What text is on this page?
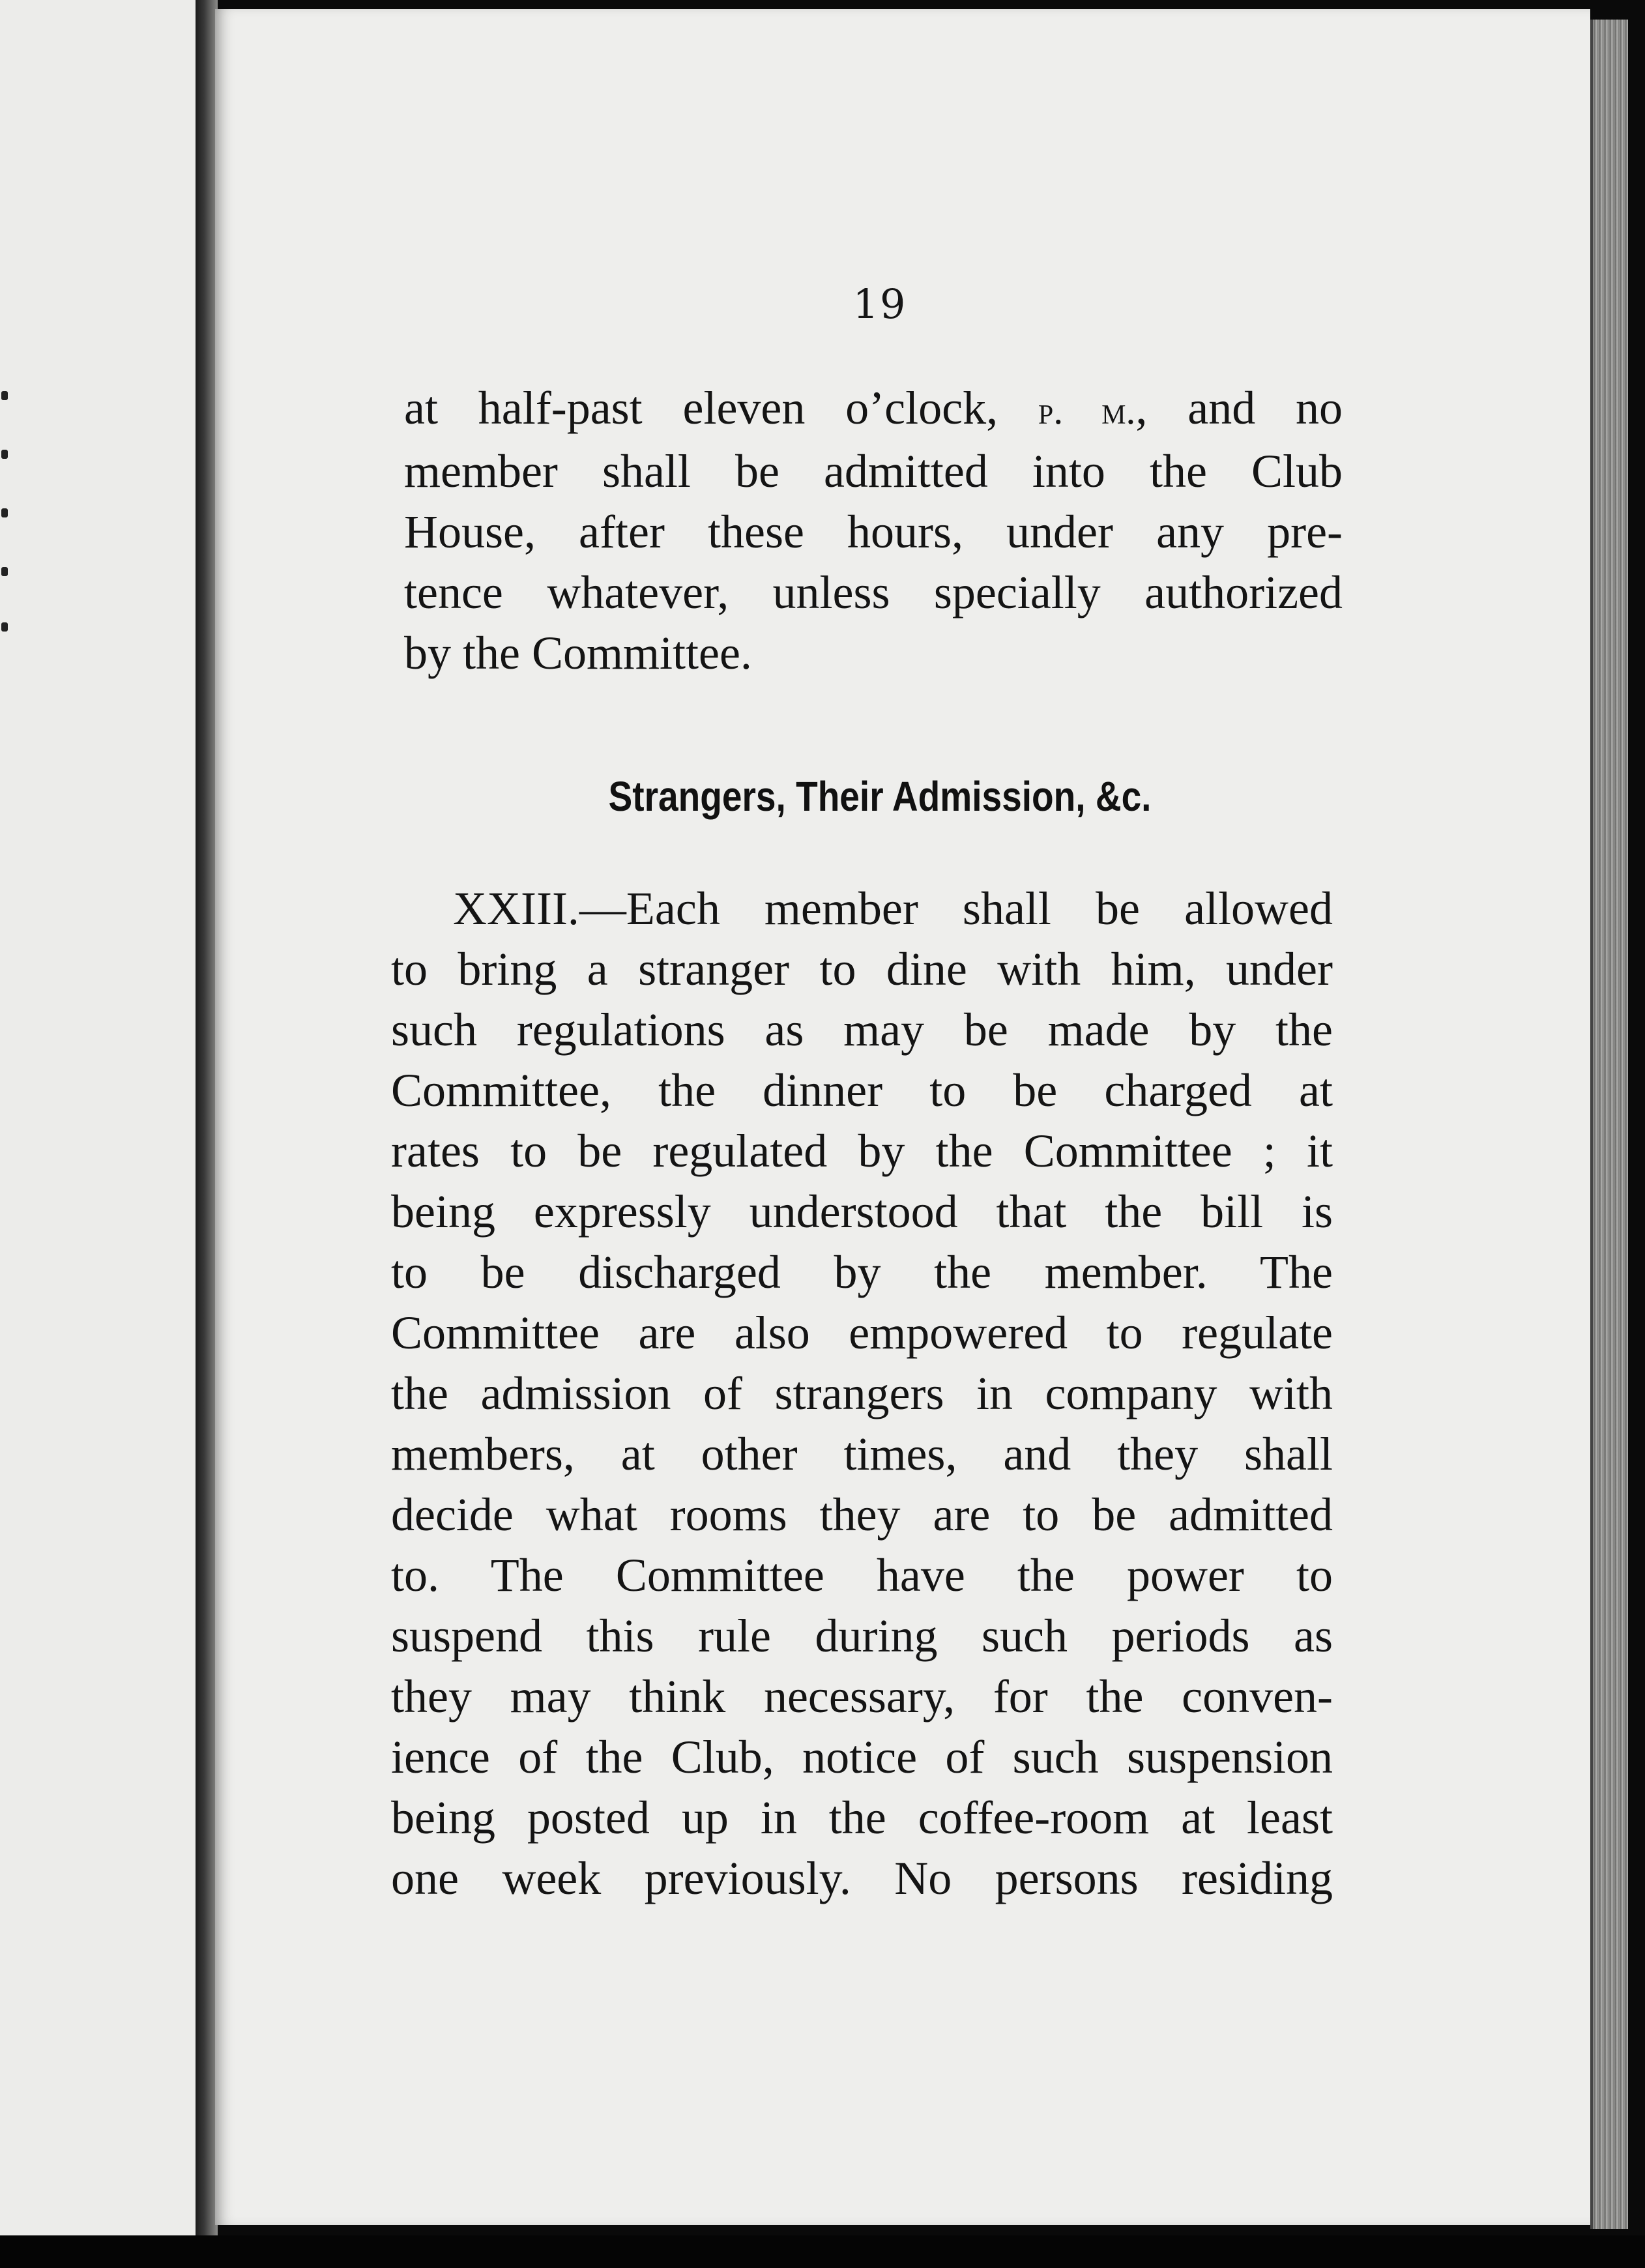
19
at half-past eleven o’clock, p. m., and no
member shall be admitted into the Club
House, after these hours, under any pre-
tence whatever, unless specially authorized
by the Committee.
Strangers, Their Admission, &c.
XXIII.—Each member shall be allowed
to bring a stranger to dine with him, under
such regulations as may be made by the
Committee, the dinner to be charged at
rates to be regulated by the Committee ; it
being expressly understood that the bill is
to be discharged by the member. The
Committee are also empowered to regulate
the admission of strangers in company with
members, at other times, and they shall
decide what rooms they are to be admitted
to. The Committee have the power to
suspend this rule during such periods as
they may think necessary, for the conven-
ience of the Club, notice of such suspension
being posted up in the coffee-room at least
one week previously. No persons residing
